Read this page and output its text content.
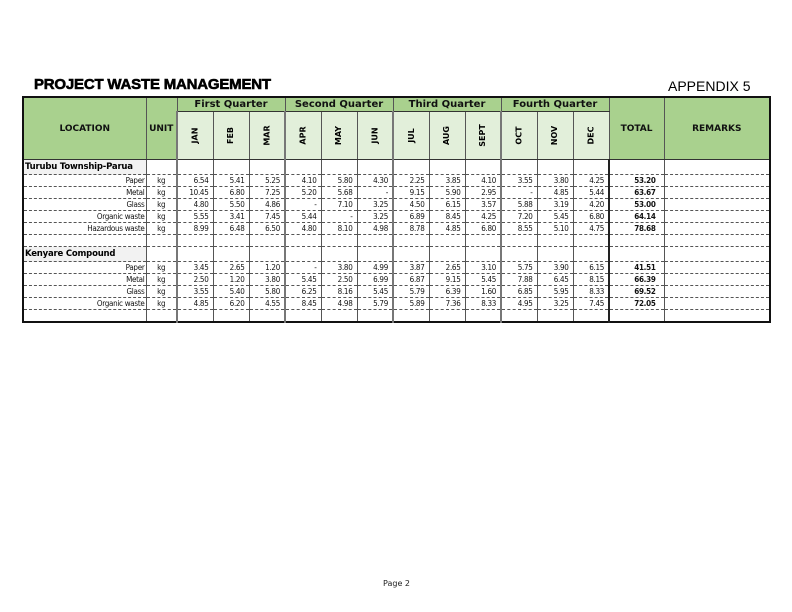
PROJECT WASTE MANAGEMENT	APPENDIX 5
LOCATION	UNIT	First Quarter			Second Quarter			Third Quarter			Fourth Quarter			TOTAL	REMARKS
		JAN	FEB	MAR	APR	MAY	JUN	JUL	AUG	SEPT	OCT	NOV	DEC		
Turubu Township-Parua															
Paper	kg	6.54	5.41	5.25	4.10	5.80	4.30	2.25	3.85	4.10	3.55	3.80	4.25	53.20	
Metal	kg	10.45	6.80	7.25	5.20	5.68	-	9.15	5.90	2.95	-	4.85	5.44	63.67	
Glass	kg	4.80	5.50	4.86	-	7.10	3.25	4.50	6.15	3.57	5.88	3.19	4.20	53.00	
Organic waste	kg	5.55	3.41	7.45	5.44	-	3.25	6.89	8.45	4.25	7.20	5.45	6.80	64.14	
Hazardous waste	kg	8.99	6.48	6.50	4.80	8.10	4.98	8.78	4.85	6.80	8.55	5.10	4.75	78.68	

Kenyare Compound															
Paper	kg	3.45	2.65	1.20	-	3.80	4.99	3.87	2.65	3.10	5.75	3.90	6.15	41.51	
Metal	kg	2.50	1.20	3.80	5.45	2.50	6.99	6.87	9.15	5.45	7.88	6.45	8.15	66.39	
Glass	kg	3.55	5.40	5.80	6.25	8.16	5.45	5.79	6.39	1.60	6.85	5.95	8.33	69.52	
Organic waste	kg	4.85	6.20	4.55	8.45	4.98	5.79	5.89	7.36	8.33	4.95	3.25	7.45	72.05	

Page 2
